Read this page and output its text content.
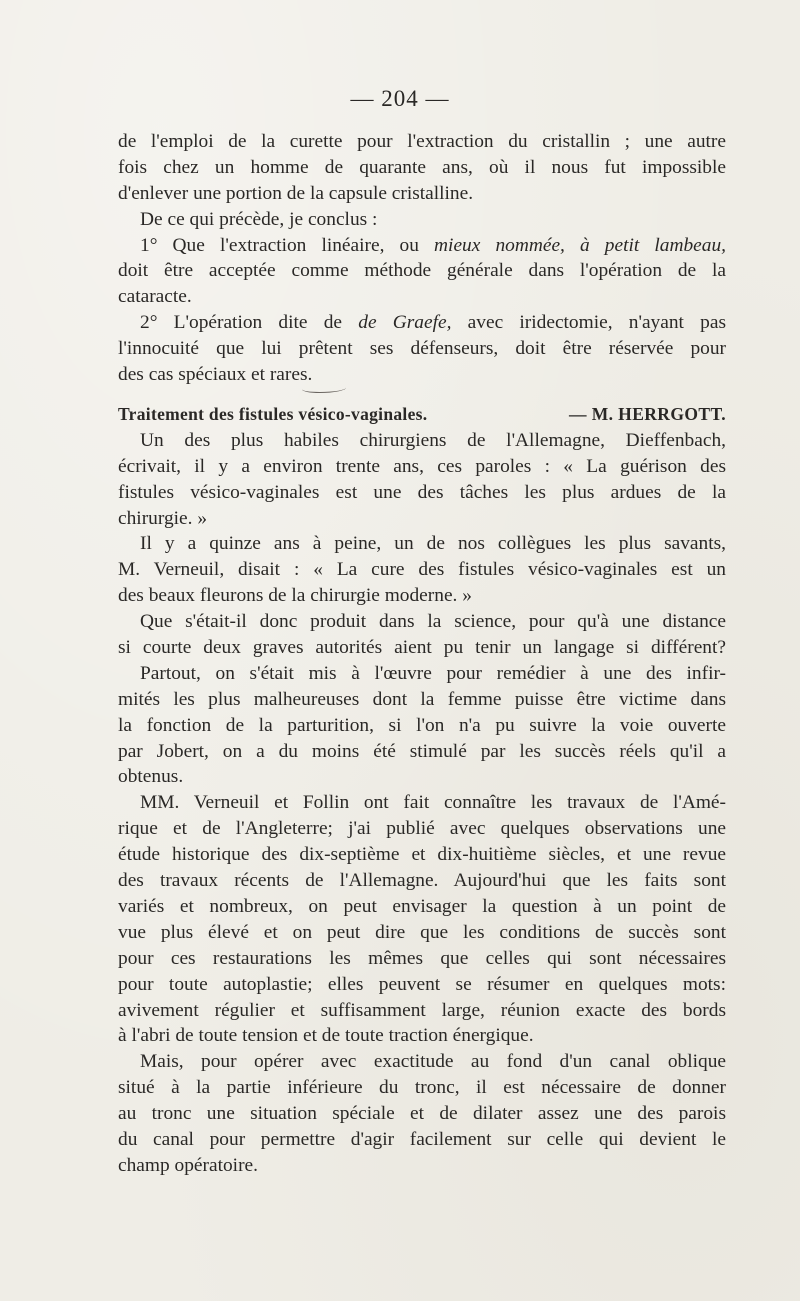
— 204 —
de l'emploi de la curette pour l'extraction du cristallin ; une autre
fois chez un homme de quarante ans, où il nous fut impossible
d'enlever une portion de la capsule cristalline.
De ce qui précède, je conclus :
1° Que l'extraction linéaire, ou mieux nommée, à petit lambeau,
doit être acceptée comme méthode générale dans l'opération de la
cataracte.
2° L'opération dite de de Graefe, avec iridectomie, n'ayant pas
l'innocuité que lui prêtent ses défenseurs, doit être réservée pour
des cas spéciaux et rares.
Traitement des fistules vésico-vaginales.	— M. HERRGOTT.
Un des plus habiles chirurgiens de l'Allemagne, Dieffenbach,
écrivait, il y a environ trente ans, ces paroles : « La guérison des
fistules vésico-vaginales est une des tâches les plus ardues de la
chirurgie. »
Il y a quinze ans à peine, un de nos collègues les plus savants,
M. Verneuil, disait : « La cure des fistules vésico-vaginales est un
des beaux fleurons de la chirurgie moderne. »
Que s'était-il donc produit dans la science, pour qu'à une distance
si courte deux graves autorités aient pu tenir un langage si différent?
Partout, on s'était mis à l'œuvre pour remédier à une des infir-
mités les plus malheureuses dont la femme puisse être victime dans
la fonction de la parturition, si l'on n'a pu suivre la voie ouverte
par Jobert, on a du moins été stimulé par les succès réels qu'il a
obtenus.
MM. Verneuil et Follin ont fait connaître les travaux de l'Amé-
rique et de l'Angleterre; j'ai publié avec quelques observations une
étude historique des dix-septième et dix-huitième siècles, et une revue
des travaux récents de l'Allemagne. Aujourd'hui que les faits sont
variés et nombreux, on peut envisager la question à un point de
vue plus élevé et on peut dire que les conditions de succès sont
pour ces restaurations les mêmes que celles qui sont nécessaires
pour toute autoplastie; elles peuvent se résumer en quelques mots:
avivement régulier et suffisamment large, réunion exacte des bords
à l'abri de toute tension et de toute traction énergique.
Mais, pour opérer avec exactitude au fond d'un canal oblique
situé à la partie inférieure du tronc, il est nécessaire de donner
au tronc une situation spéciale et de dilater assez une des parois
du canal pour permettre d'agir facilement sur celle qui devient le
champ opératoire.
